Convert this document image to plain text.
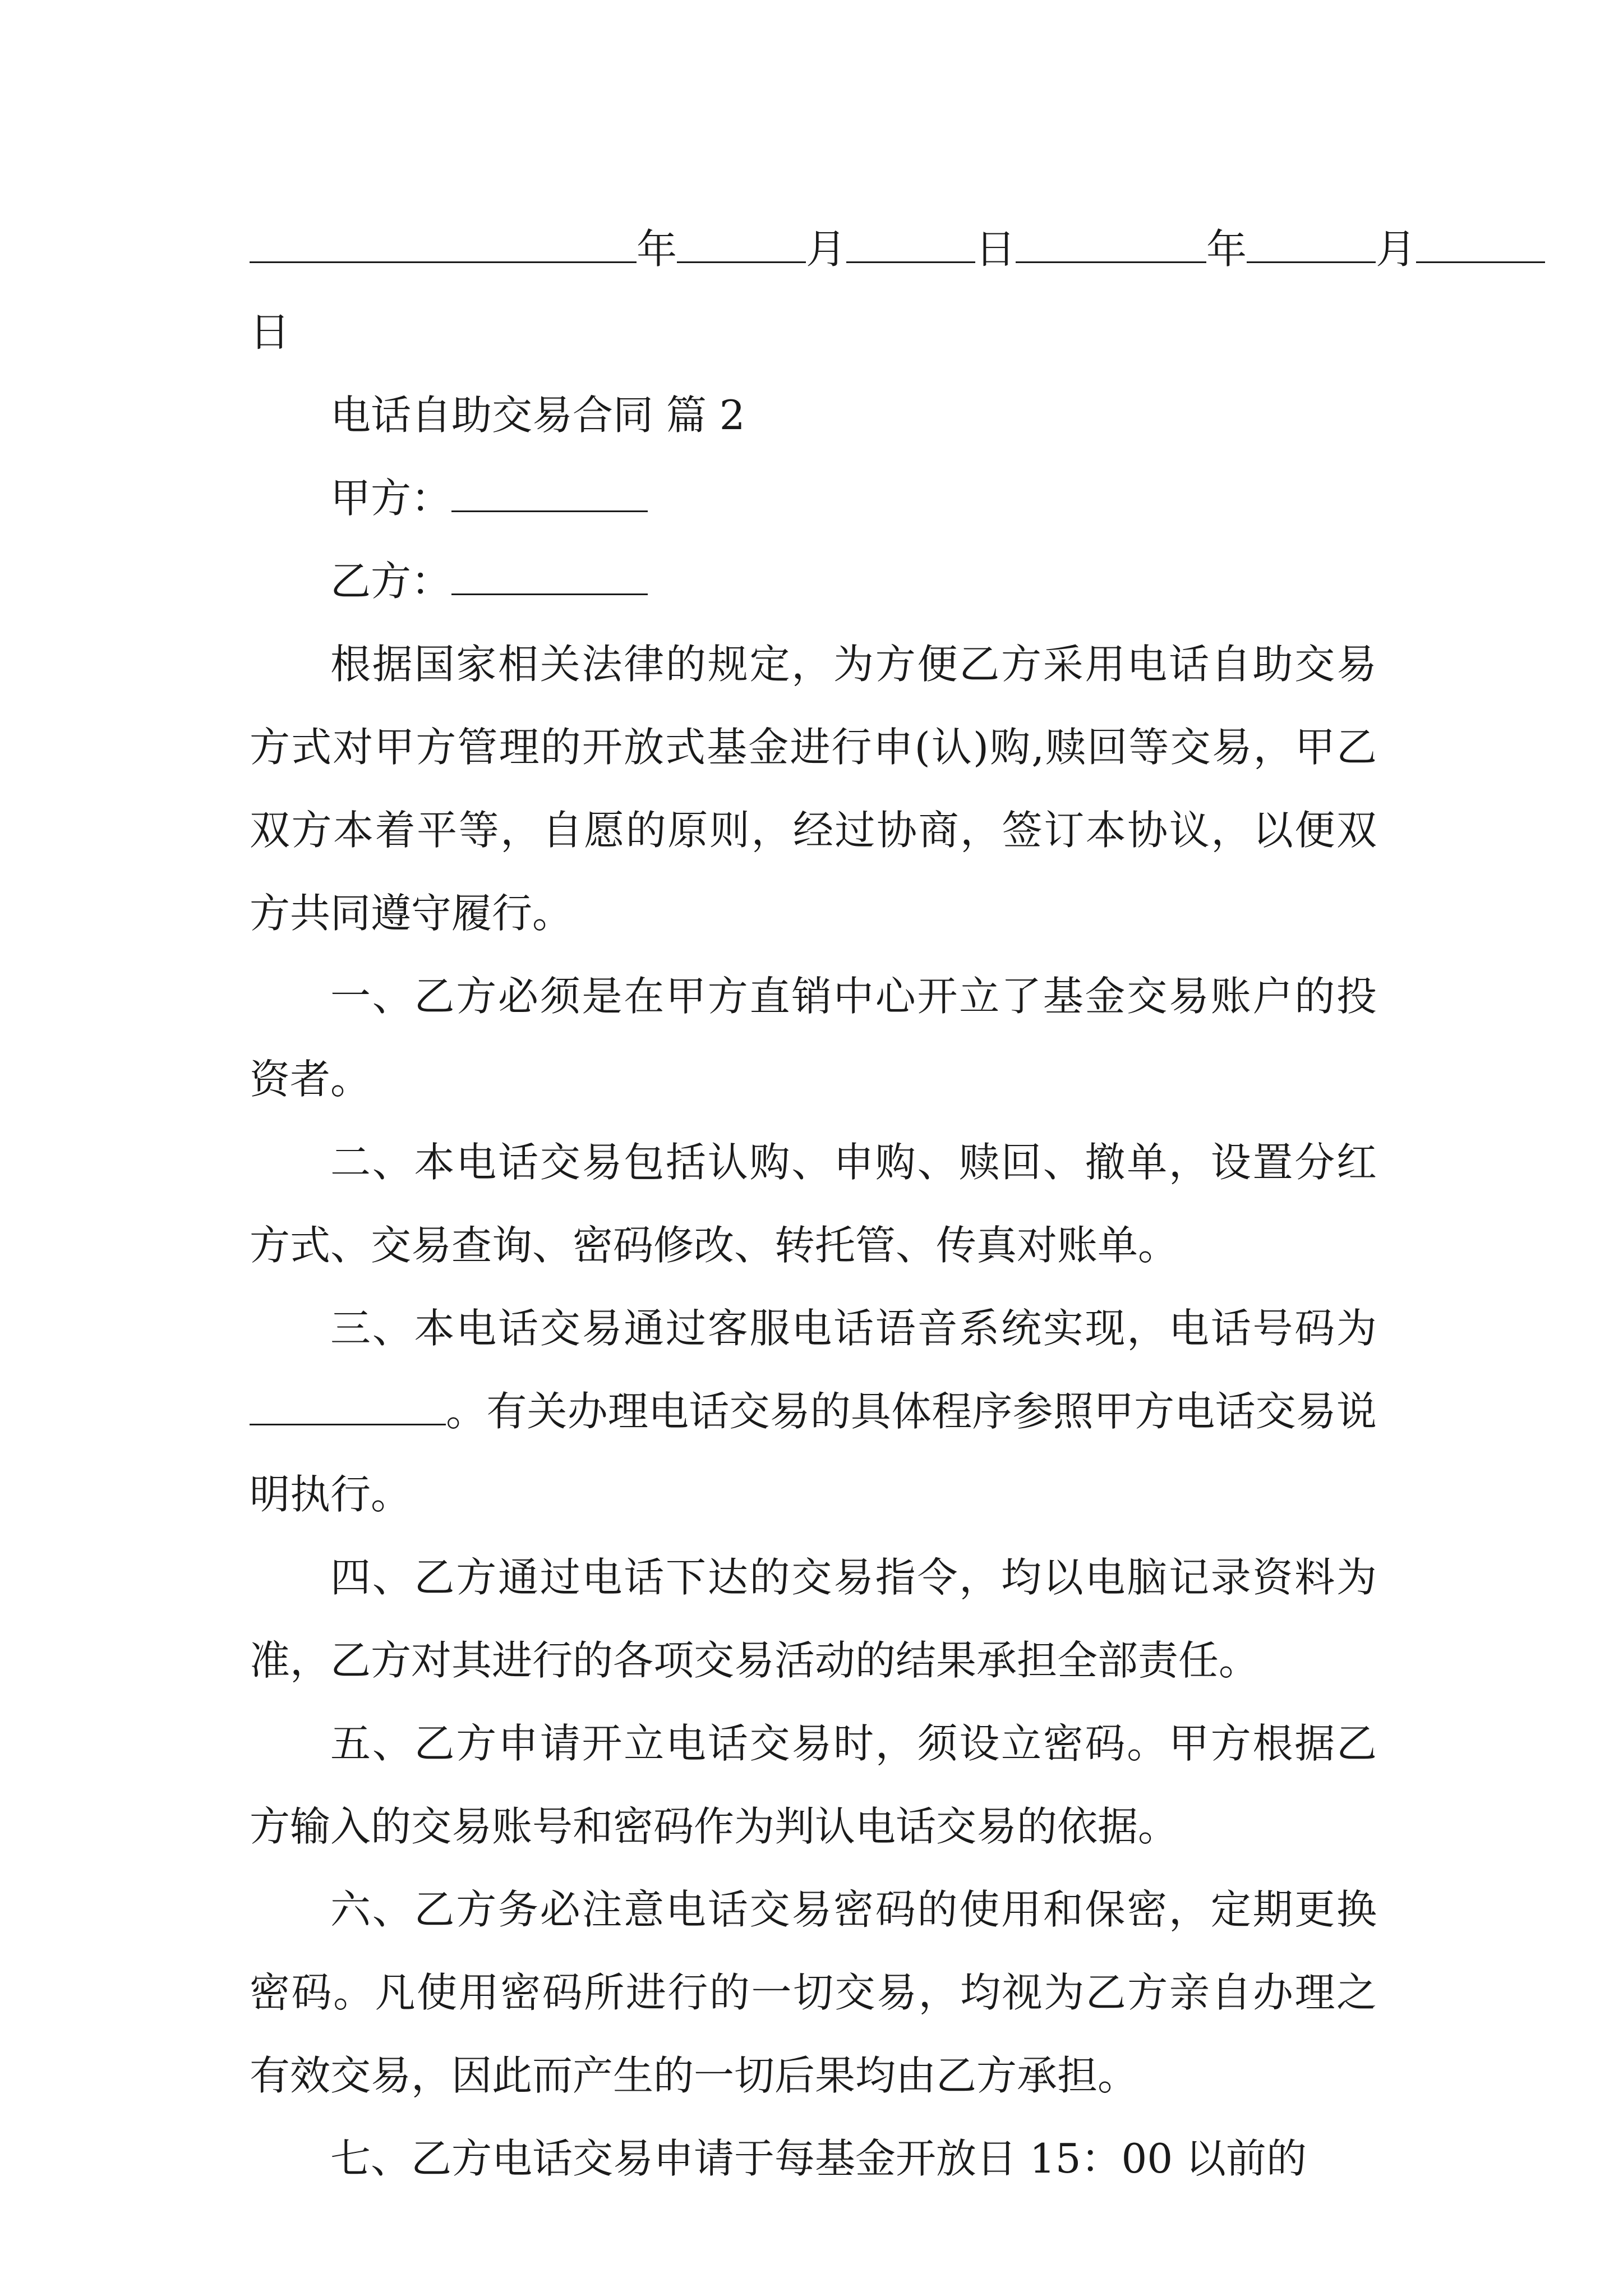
年	月	日	年	月
日
电话自助交易合同 篇 2
甲方：
乙方：

根据国家相关法律的规定，为方便乙方采用电话自助交易方式对甲方管理的开放式基金进行申(认)购,赎回等交易，甲乙双方本着平等，自愿的原则，经过协商，签订本协议，以便双方共同遵守履行。

一、乙方必须是在甲方直销中心开立了基金交易账户的投资者。

二、本电话交易包括认购、申购、赎回、撤单，设置分红方式、交易查询、密码修改、转托管、传真对账单。

三、本电话交易通过客服电话语音系统实现，电话号码为。有关办理电话交易的具体程序参照甲方电话交易说明执行。

四、乙方通过电话下达的交易指令，均以电脑记录资料为准，乙方对其进行的各项交易活动的结果承担全部责任。

五、乙方申请开立电话交易时，须设立密码。甲方根据乙方输入的交易账号和密码作为判认电话交易的依据。

六、乙方务必注意电话交易密码的使用和保密，定期更换密码。凡使用密码所进行的一切交易，均视为乙方亲自办理之有效交易，因此而产生的一切后果均由乙方承担。

七、乙方电话交易申请于每基金开放日 15：00 以前的
